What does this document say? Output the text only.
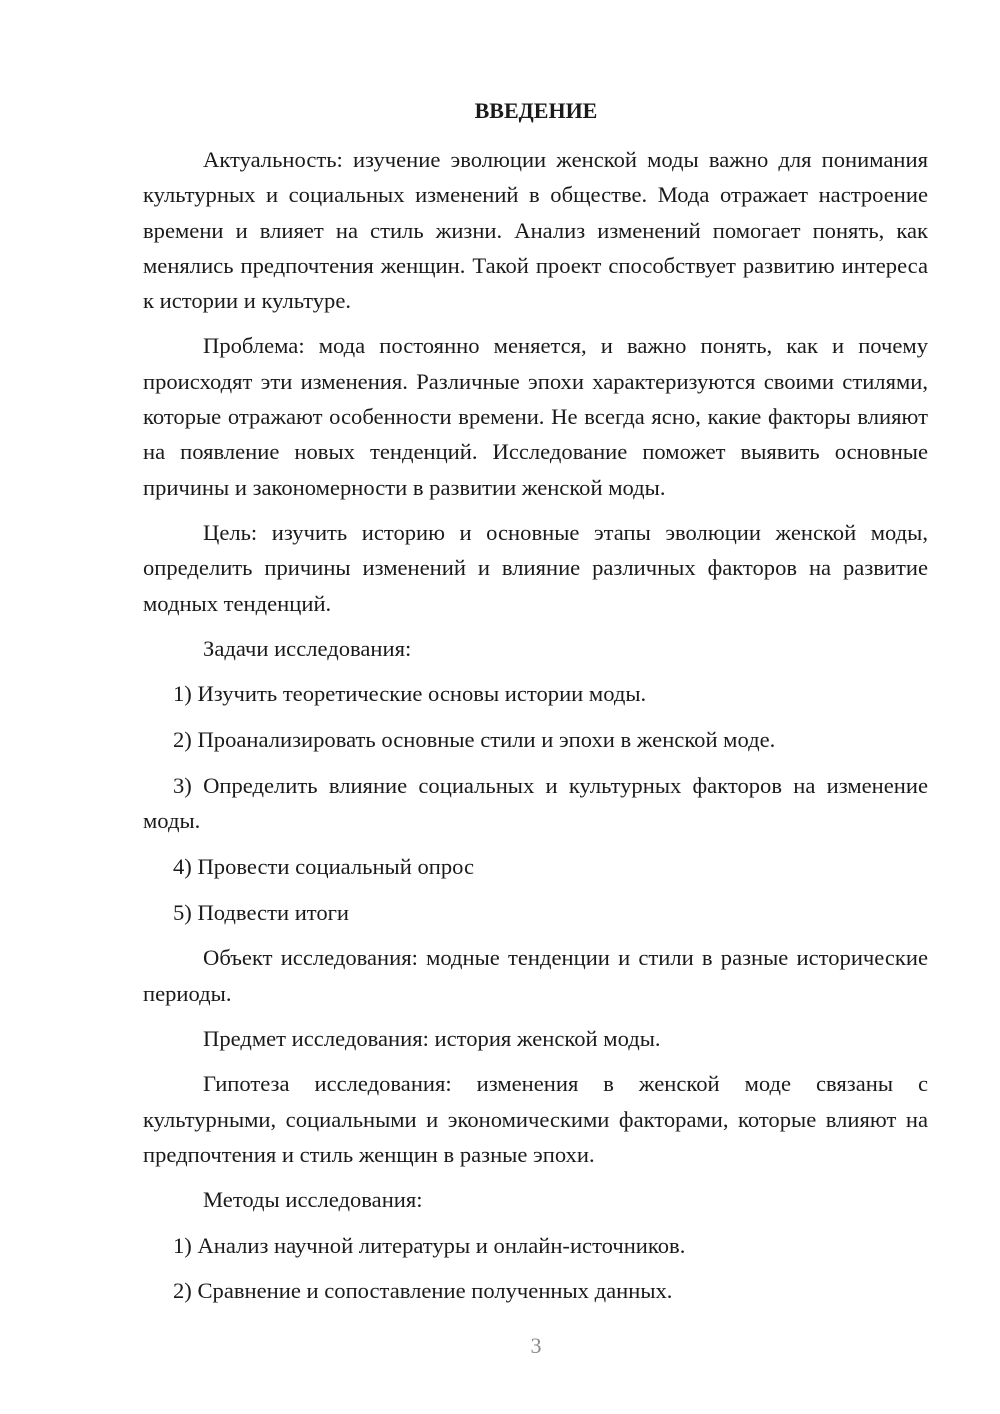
ВВЕДЕНИЕ

Актуальность: изучение эволюции женской моды важно для понимания культурных и социальных изменений в обществе. Мода отражает настроение времени и влияет на стиль жизни. Анализ изменений помогает понять, как менялись предпочтения женщин. Такой проект способствует развитию интереса к истории и культуре.

Проблема: мода постоянно меняется, и важно понять, как и почему происходят эти изменения. Различные эпохи характеризуются своими стилями, которые отражают особенности времени. Не всегда ясно, какие факторы влияют на появление новых тенденций. Исследование поможет выявить основные причины и закономерности в развитии женской моды.

Цель: изучить историю и основные этапы эволюции женской моды, определить причины изменений и влияние различных факторов на развитие модных тенденций.

Задачи исследования:

1) Изучить теоретические основы истории моды.

2) Проанализировать основные стили и эпохи в женской моде.

3) Определить влияние социальных и культурных факторов на изменение моды.

4) Провести социальный опрос

5) Подвести итоги

Объект исследования: модные тенденции и стили в разные исторические периоды.

Предмет исследования: история женской моды.

Гипотеза исследования: изменения в женской моде связаны с культурными, социальными и экономическими факторами, которые влияют на предпочтения и стиль женщин в разные эпохи.

Методы исследования:

1) Анализ научной литературы и онлайн-источников.

2) Сравнение и сопоставление полученных данных.

3
